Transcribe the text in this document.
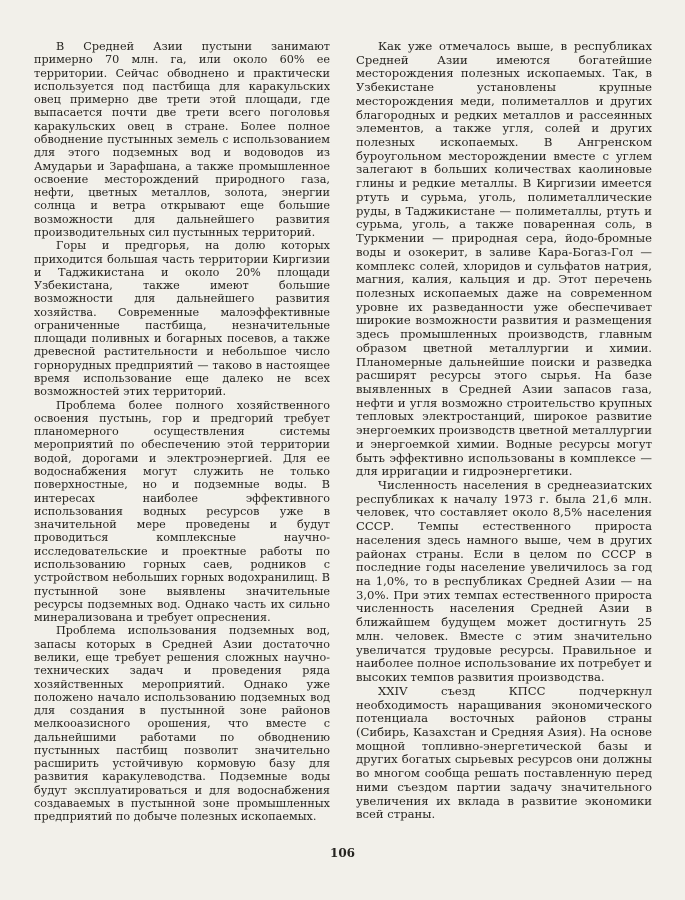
В Средней Азии пустыни занимают примерно 70 млн. га, или около 60% ее территории. Сейчас обводнено и практически используется под пастбища для каракульских овец примерно две трети этой площади, где выпасается почти две трети всего поголовья каракульских овец в стране. Более полное обводнение пустынных земель с использованием для этого подземных вод и водоводов из Амударьи и Зарафшана, а также промышленное освоение месторождений природного газа, нефти, цветных металлов, золота, энергии солнца и ветра открывают еще большие возможности для дальнейшего развития производительных сил пустынных территорий.

Горы и предгорья, на долю которых приходится большая часть территории Киргизии и Таджикистана и около 20% площади Узбекистана, также имеют большие возможности для дальнейшего развития хозяйства. Современные малоэффективные ограниченные пастбища, незначительные площади поливных и богарных посевов, а также древесной растительности и небольшое число горнорудных предприятий — таково в настоящее время использование еще далеко не всех возможностей этих территорий.

Проблема более полного хозяйственного освоения пустынь, гор и предгорий требует планомерного осуществления системы мероприятий по обеспечению этой территории водой, дорогами и электроэнергией. Для ее водоснабжения могут служить не только поверхностные, но и подземные воды. В интересах наиболее эффективного использования водных ресурсов уже в значительной мере проведены и будут проводиться комплексные научно-исследовательские и проектные работы по использованию горных саев, родников с устройством небольших горных водохранилищ. В пустынной зоне выявлены значительные ресурсы подземных вод. Однако часть их сильно минерализована и требует опреснения.

Проблема использования подземных вод, запасы которых в Средней Азии достаточно велики, еще требует решения сложных научно-технических задач и проведения ряда хозяйственных мероприятий. Однако уже положено начало использованию подземных вод для создания в пустынной зоне районов мелкооазисного орошения, что вместе с дальнейшими работами по обводнению пустынных пастбищ позволит значительно расширить устойчивую кормовую базу для развития каракулеводства. Подземные воды будут эксплуатироваться и для водоснабжения создаваемых в пустынной зоне промышленных предприятий по добыче полезных ископаемых.

Как уже отмечалось выше, в республиках Средней Азии имеются богатейшие месторождения полезных ископаемых. Так, в Узбекистане установлены крупные месторождения меди, полиметаллов и других благородных и редких металлов и рассеянных элементов, а также угля, солей и других полезных ископаемых. В Ангренском буроугольном месторождении вместе с углем залегают в больших количествах каолиновые глины и редкие металлы. В Киргизии имеется ртуть и сурьма, уголь, полиметаллические руды, в Таджикистане — полиметаллы, ртуть и сурьма, уголь, а также поваренная соль, в Туркмении — природная сера, йодо-бромные воды и озокерит, в заливе Кара-Богаз-Гол — комплекс солей, хлоридов и сульфатов натрия, магния, калия, кальция и др. Этот перечень полезных ископаемых даже на современном уровне их разведанности уже обеспечивает широкие возможности развития и размещения здесь промышленных производств, главным образом цветной металлургии и химии. Планомерные дальнейшие поиски и разведка расширят ресурсы этого сырья. На базе выявленных в Средней Азии запасов газа, нефти и угля возможно строительство крупных тепловых электростанций, широкое развитие энергоемких производств цветной металлургии и энергоемкой химии. Водные ресурсы могут быть эффективно использованы в комплексе — для ирригации и гидроэнергетики.

Численность населения в среднеазиатских республиках к началу 1973 г. была 21,6 млн. человек, что составляет около 8,5% населения СССР. Темпы естественного прироста населения здесь намного выше, чем в других районах страны. Если в целом по СССР в последние годы население увеличилось за год на 1,0%, то в республиках Средней Азии — на 3,0%. При этих темпах естественного прироста численность населения Средней Азии в ближайшем будущем может достигнуть 25 млн. человек. Вместе с этим значительно увеличатся трудовые ресурсы. Правильное и наиболее полное использование их потребует и высоких темпов развития производства.

XXIV съезд КПСС подчеркнул необходимость наращивания экономического потенциала восточных районов страны (Сибирь, Казахстан и Средняя Азия). На основе мощной топливно-энергетической базы и других богатых сырьевых ресурсов они должны во многом сообща решать поставленную перед ними съездом партии задачу значительного увеличения их вклада в развитие экономики всей страны.

106
